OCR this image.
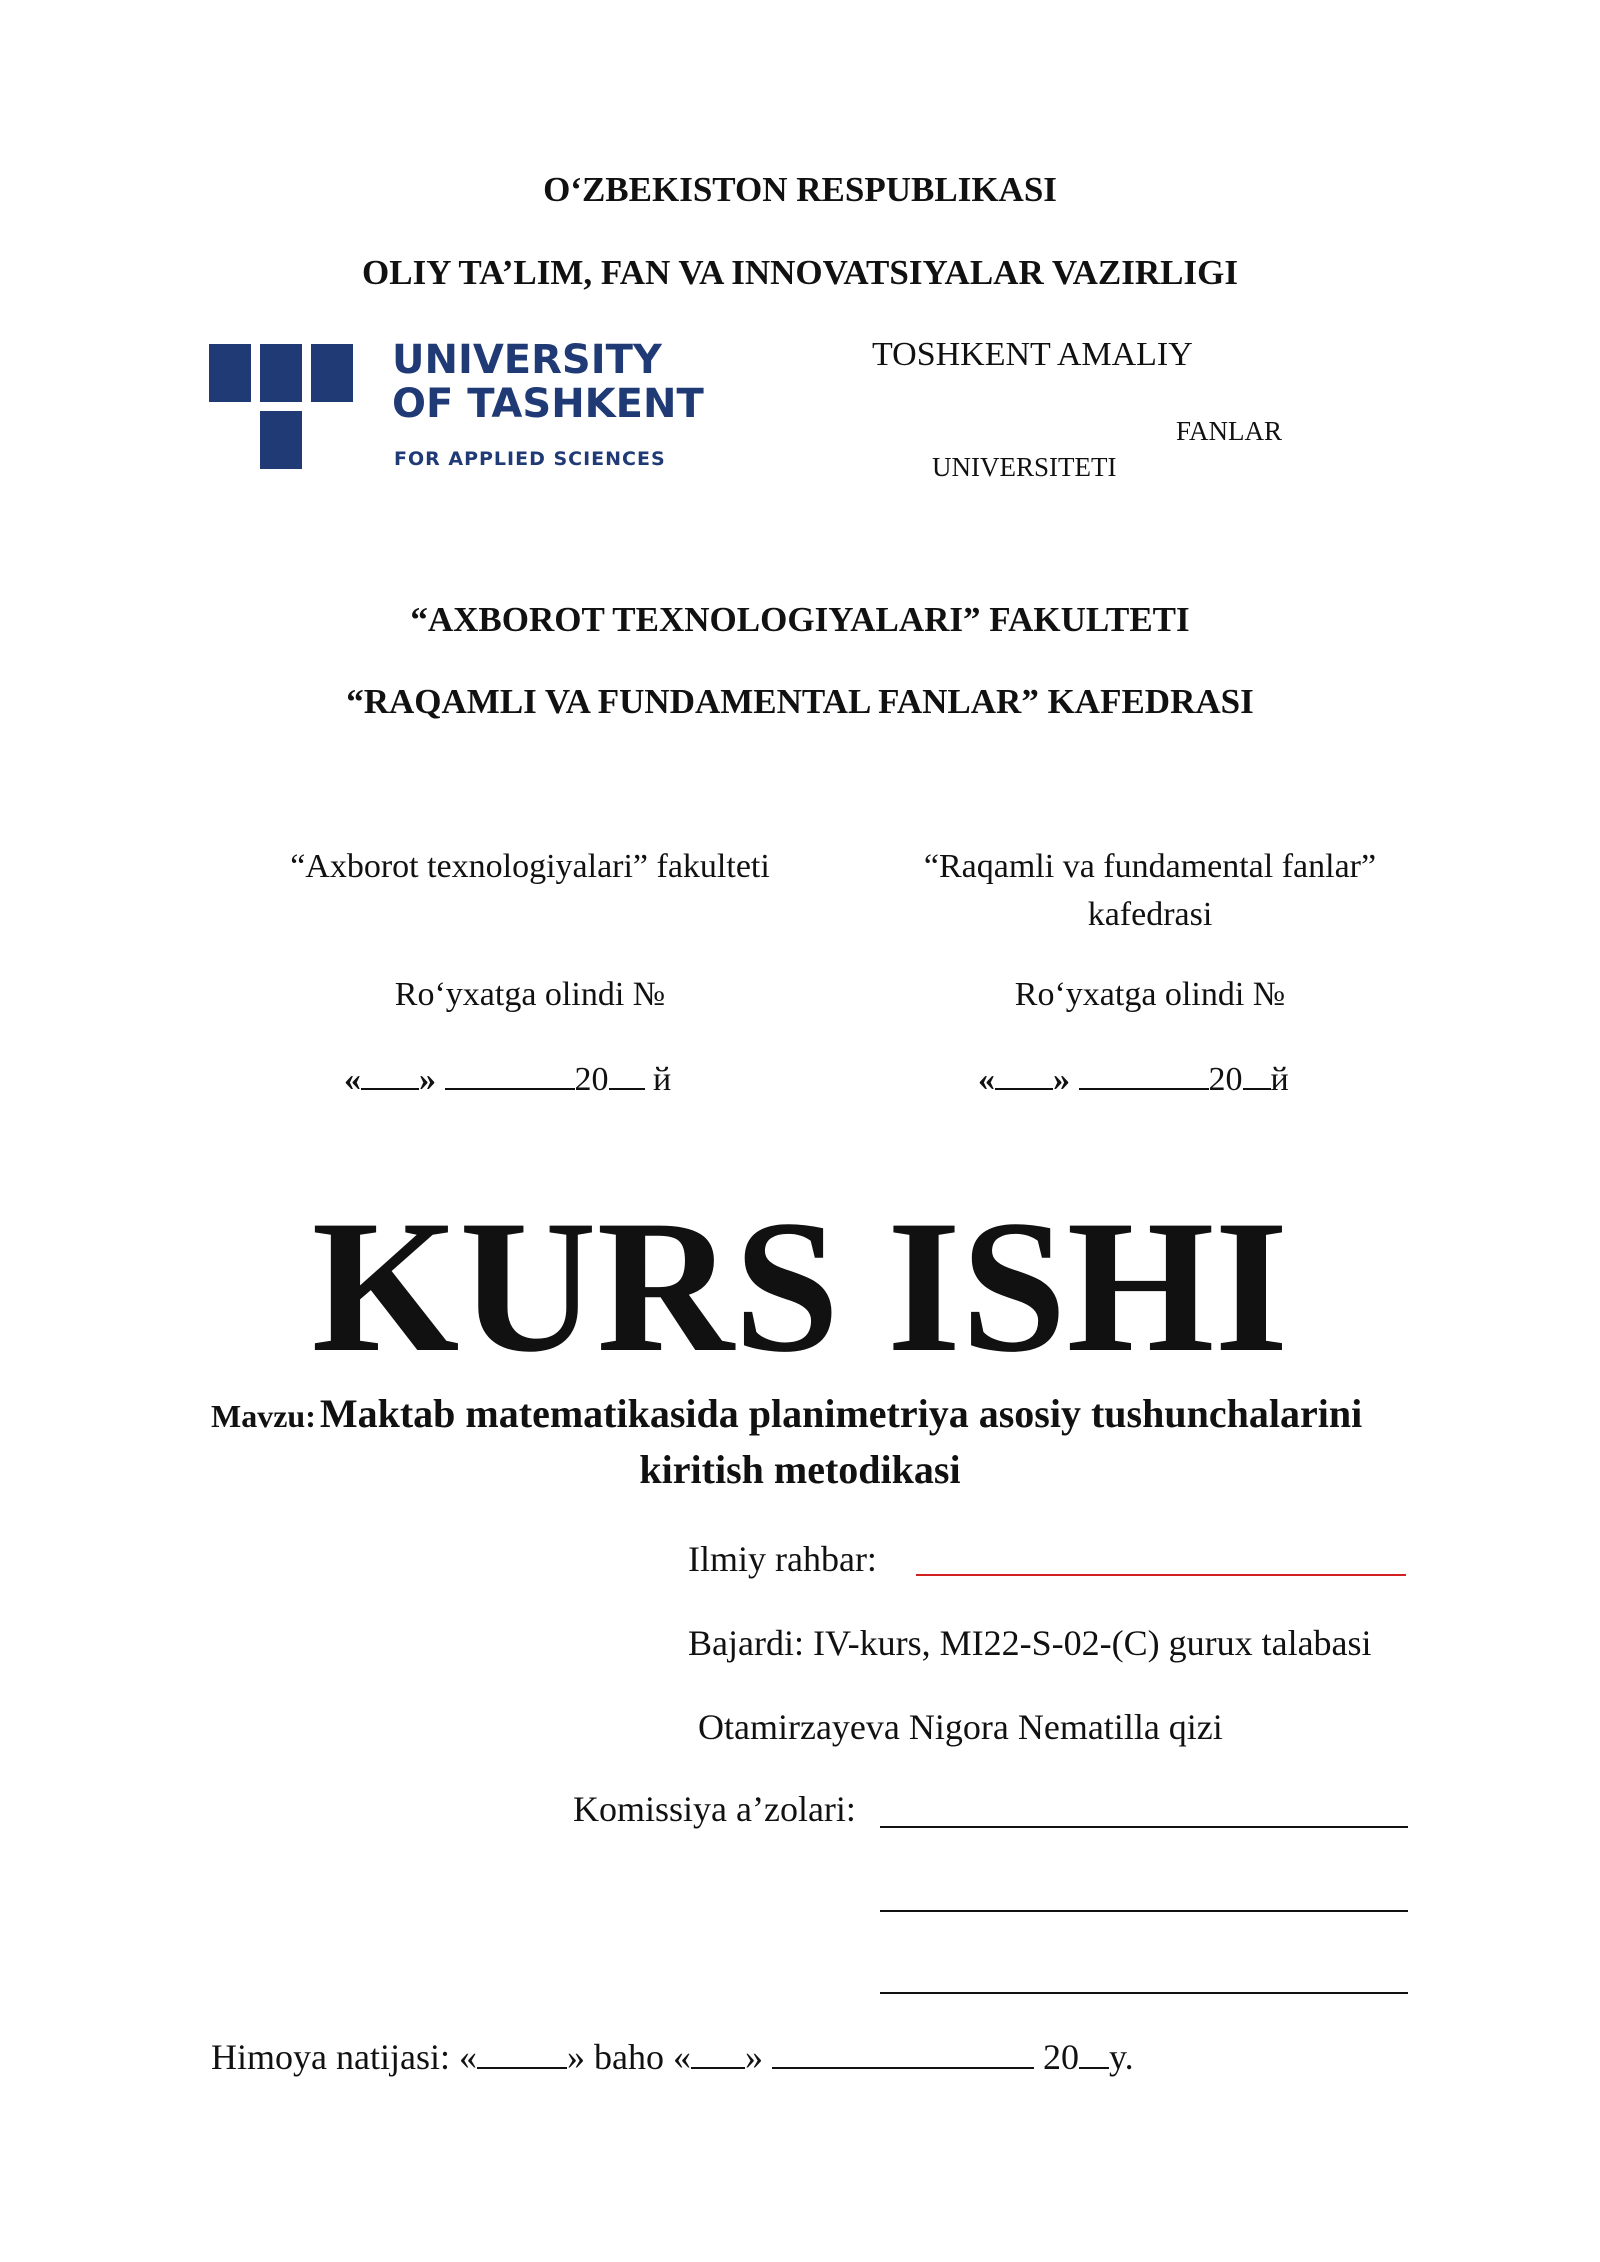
O‘ZBEKISTON RESPUBLIKASI
OLIY TA’LIM, FAN VA INNOVATSIYALAR VAZIRLIGI
UNIVERSITY
OF TASHKENT
FOR APPLIED SCIENCES
TOSHKENT AMALIY
FANLAR
UNIVERSITETI
“AXBOROT TEXNOLOGIYALARI” FAKULTETI
“RAQAMLI VA FUNDAMENTAL FANLAR” KAFEDRASI
“Axborot texnologiyalari” fakulteti
Ro‘yxatga olindi №
« »	20 й
“Raqamli va fundamental fanlar”
kafedrasi
Ro‘yxatga olindi №
« »	20 й
KURS ISHI
Mavzu: Maktab matematikasida planimetriya asosiy tushunchalarini
kiritish metodikasi
Ilmiy rahbar:
Bajardi: IV-kurs, MI22-S-02-(C) gurux talabasi
Otamirzayeva Nigora Nematilla qizi
Komissiya a’zolari:
Himoya natijasi: «	» baho « »	20 y.
